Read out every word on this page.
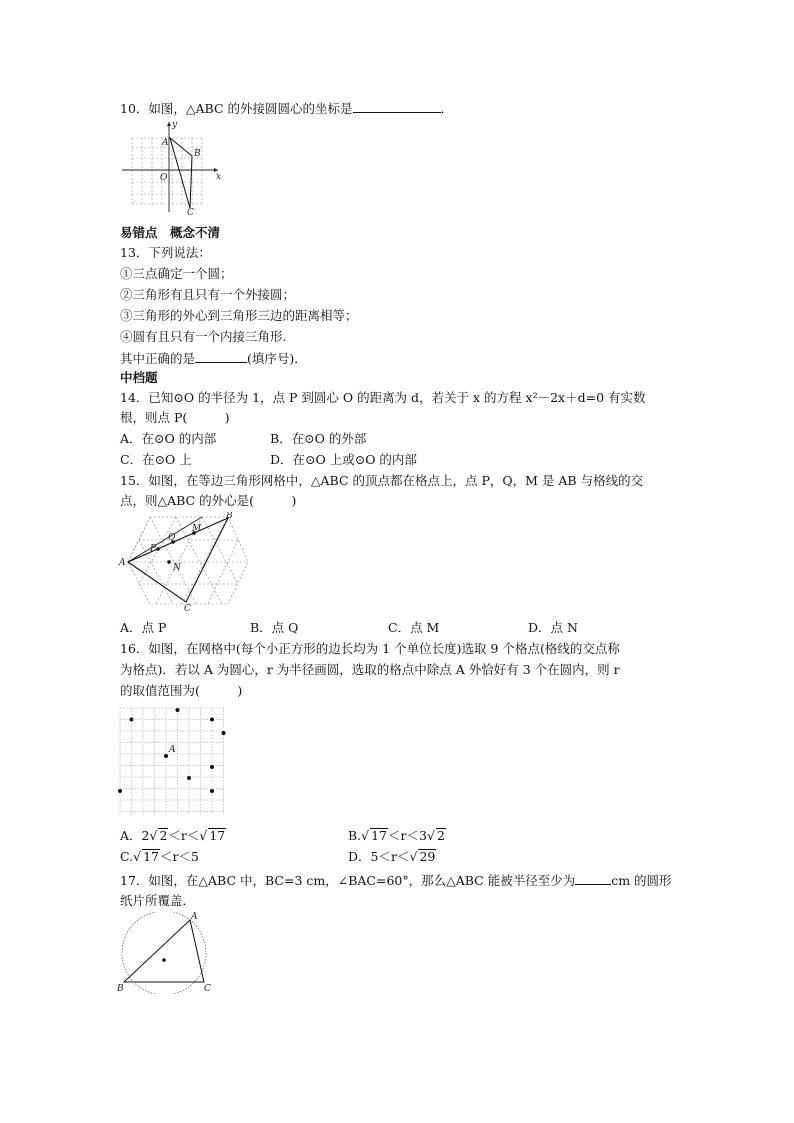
10．如图，△ABC 的外接圆圆心的坐标是	．
y
x
A
B
O
C
易错点　概念不清
13．下列说法：
①三点确定一个圆；
②三角形有且只有一个外接圆；
③三角形的外心到三角形三边的距离相等；
④圆有且只有一个内接三角形.
其中正确的是	(填序号)．
中档题
14．已知⊙O 的半径为 1，点 P 到圆心 O 的距离为 d，若关于 x 的方程 x²－2x＋d=0 有实数
根，则点 P(　　　)
A．在⊙O 的内部	B．在⊙O 的外部
C．在⊙O 上	D．在⊙O 上或⊙O 的内部
15．如图，在等边三角形网格中，△ABC 的顶点都在格点上，点 P，Q，M 是 AB 与格线的交
点，则△ABC 的外心是(　　　)
A
B
C
P
Q
M
N
A．点 P	B．点 Q	C．点 M	D．点 N
16．如图，在网格中(每个小正方形的边长均为 1 个单位长度)选取 9 个格点(格线的交点称
为格点)．若以 A 为圆心，r 为半径画圆，选取的格点中除点 A 外恰好有 3 个在圆内，则 r
的取值范围为(　　　)
A
A．2√ 2＜r＜√ 17	B.√ 17＜r＜3√ 2
C.√ 17＜r＜5	D．5＜r＜√ 29
17．如图，在△ABC 中，BC=3 cm，∠BAC=60°，那么△ABC 能被半径至少为	cm 的圆形
纸片所覆盖．
A
B	C
